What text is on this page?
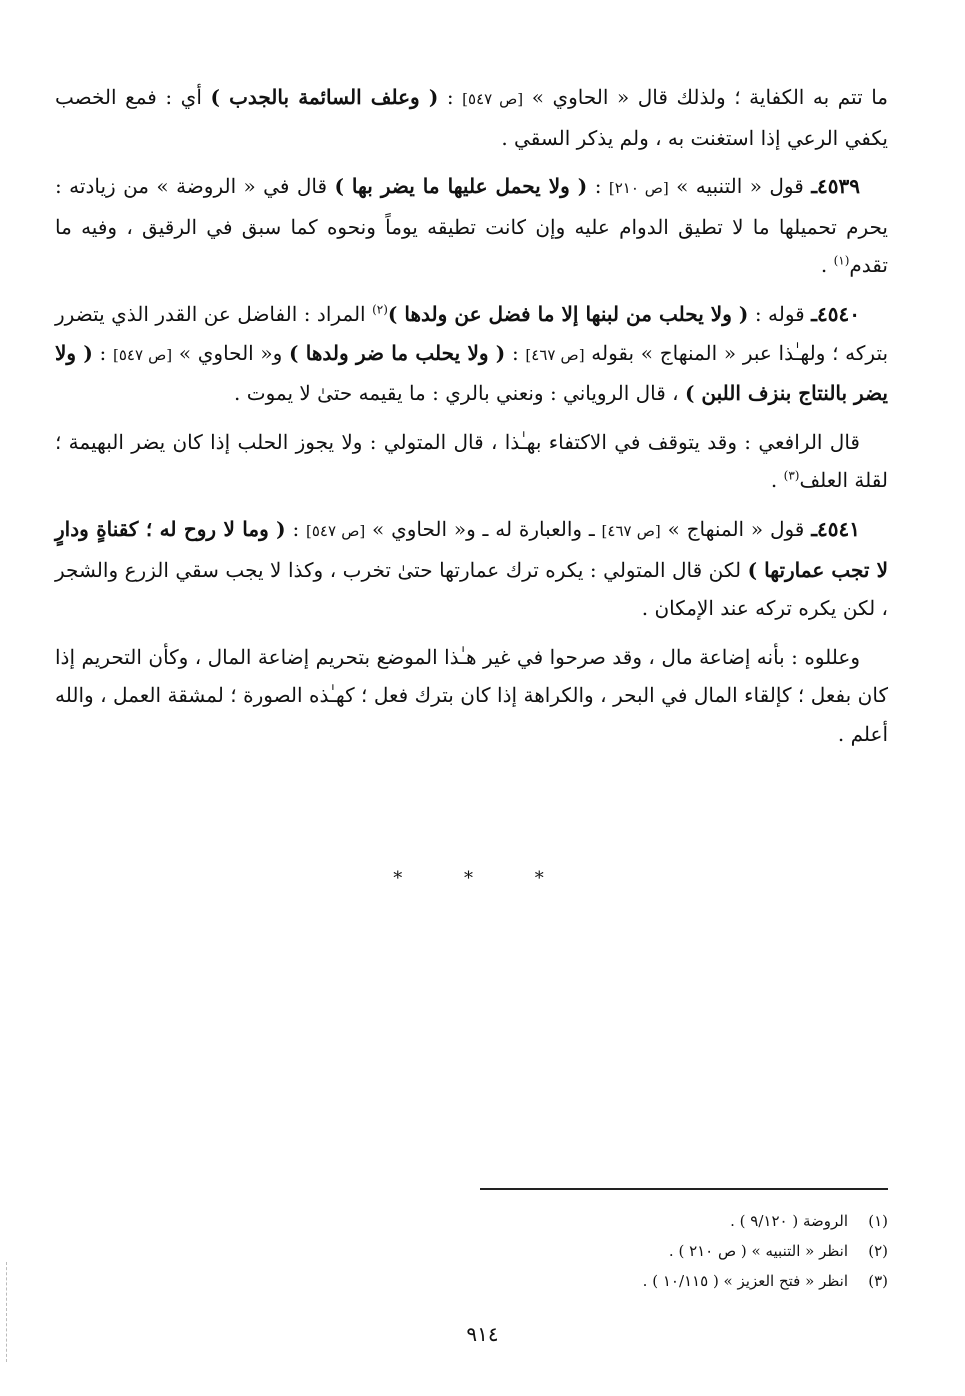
ما تتم به الكفاية ؛ ولذلك قال « الحاوي » [ص ٥٤٧] : ( وعلف السائمة بالجدب ) أي : فمع الخصب يكفي الرعي إذا استغنت به ، ولم يذكر السقي .

٤٥٣٩ـ قول « التنبيه » [ص ٢١٠] : ( ولا يحمل عليها ما يضر بها ) قال في « الروضة » من زيادته : يحرم تحميلها ما لا تطيق الدوام عليه وإن كانت تطيقه يوماً ونحوه كما سبق في الرقيق ، وفيه ما تقدم$^{(١)}$ .

٤٥٤٠ـ قوله : ( ولا يحلب من لبنها إلا ما فضل عن ولدها )$^{(٢)}$ المراد : الفاضل عن القدر الذي يتضرر بتركه ؛ ولهـٰذا عبر « المنهاج » بقوله [ص ٤٦٧] : ( ولا يحلب ما ضر ولدها ) و« الحاوي » [ص ٥٤٧] : ( ولا يضر بالنتاج بنزف اللبن ) ، قال الروياني : ونعني بالري : ما يقيمه حتىٰ لا يموت .

قال الرافعي : وقد يتوقف في الاكتفاء بهـٰذا ، قال المتولي : ولا يجوز الحلب إذا كان يضر البهيمة ؛ لقلة العلف$^{(٣)}$ .

٤٥٤١ـ قول « المنهاج » [ص ٤٦٧] ـ والعبارة له ـ و« الحاوي » [ص ٥٤٧] : ( وما لا روح له ؛ كقناةٍ ودارٍ لا تجب عمارتها ) لكن قال المتولي : يكره ترك عمارتها حتىٰ تخرب ، وكذا لا يجب سقي الزرع والشجر ، لكن يكره تركه عند الإمكان .

وعللوه : بأنه إضاعة مال ، وقد صرحوا في غير هـٰذا الموضع بتحريم إضاعة المال ، وكأن التحريم إذا كان بفعل ؛ كإلقاء المال في البحر ، والكراهة إذا كان بترك فعل ؛ كهـٰذه الصورة ؛ لمشقة العمل ، والله أعلم .

* * *
(١)
الروضة ( ٩/١٢٠ ) .
(٢)
انظر « التنبيه » ( ص ٢١٠ ) .
(٣)
انظر « فتح العزيز » ( ١٠/١١٥ ) .
٩١٤
